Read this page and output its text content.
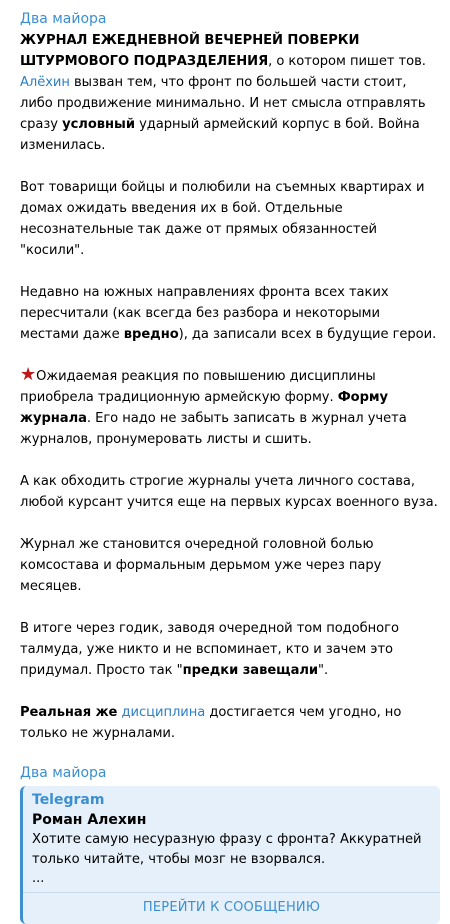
Два майора

ЖУРНАЛ ЕЖЕДНЕВНОЙ ВЕЧЕРНЕЙ ПОВЕРКИ ШТУРМОВОГО ПОДРАЗДЕЛЕНИЯ, о котором пишет тов. Алёхин вызван тем, что фронт по большей части стоит, либо продвижение минимально. И нет смысла отправлять сразу условный ударный армейский корпус в бой. Война изменилась.

Вот товарищи бойцы и полюбили на съемных квартирах и домах ожидать введения их в бой. Отдельные несознательные так даже от прямых обязанностей "косили".

Недавно на южных направлениях фронта всех таких пересчитали (как всегда без разбора и некоторыми местами даже вредно), да записали всех в будущие герои.

★Ожидаемая реакция по повышению дисциплины приобрела традиционную армейскую форму. Форму журнала. Его надо не забыть записать в журнал учета журналов, пронумеровать листы и сшить.

А как обходить строгие журналы учета личного состава, любой курсант учится еще на первых курсах военного вуза.

Журнал же становится очередной головной болью комсостава и формальным дерьмом уже через пару месяцев.

В итоге через годик, заводя очередной том подобного талмуда, уже никто и не вспоминает, кто и зачем это придумал. Просто так "предки завещали".

Реальная же дисциплина достигается чем угодно, но только не журналами.

Два майора
Telegram
Роман Алехин
Хотите самую несуразную фразу с фронта? Аккуратней только читайте, чтобы мозг не взорвался.
...
ПЕРЕЙТИ К СООБЩЕНИЮ
